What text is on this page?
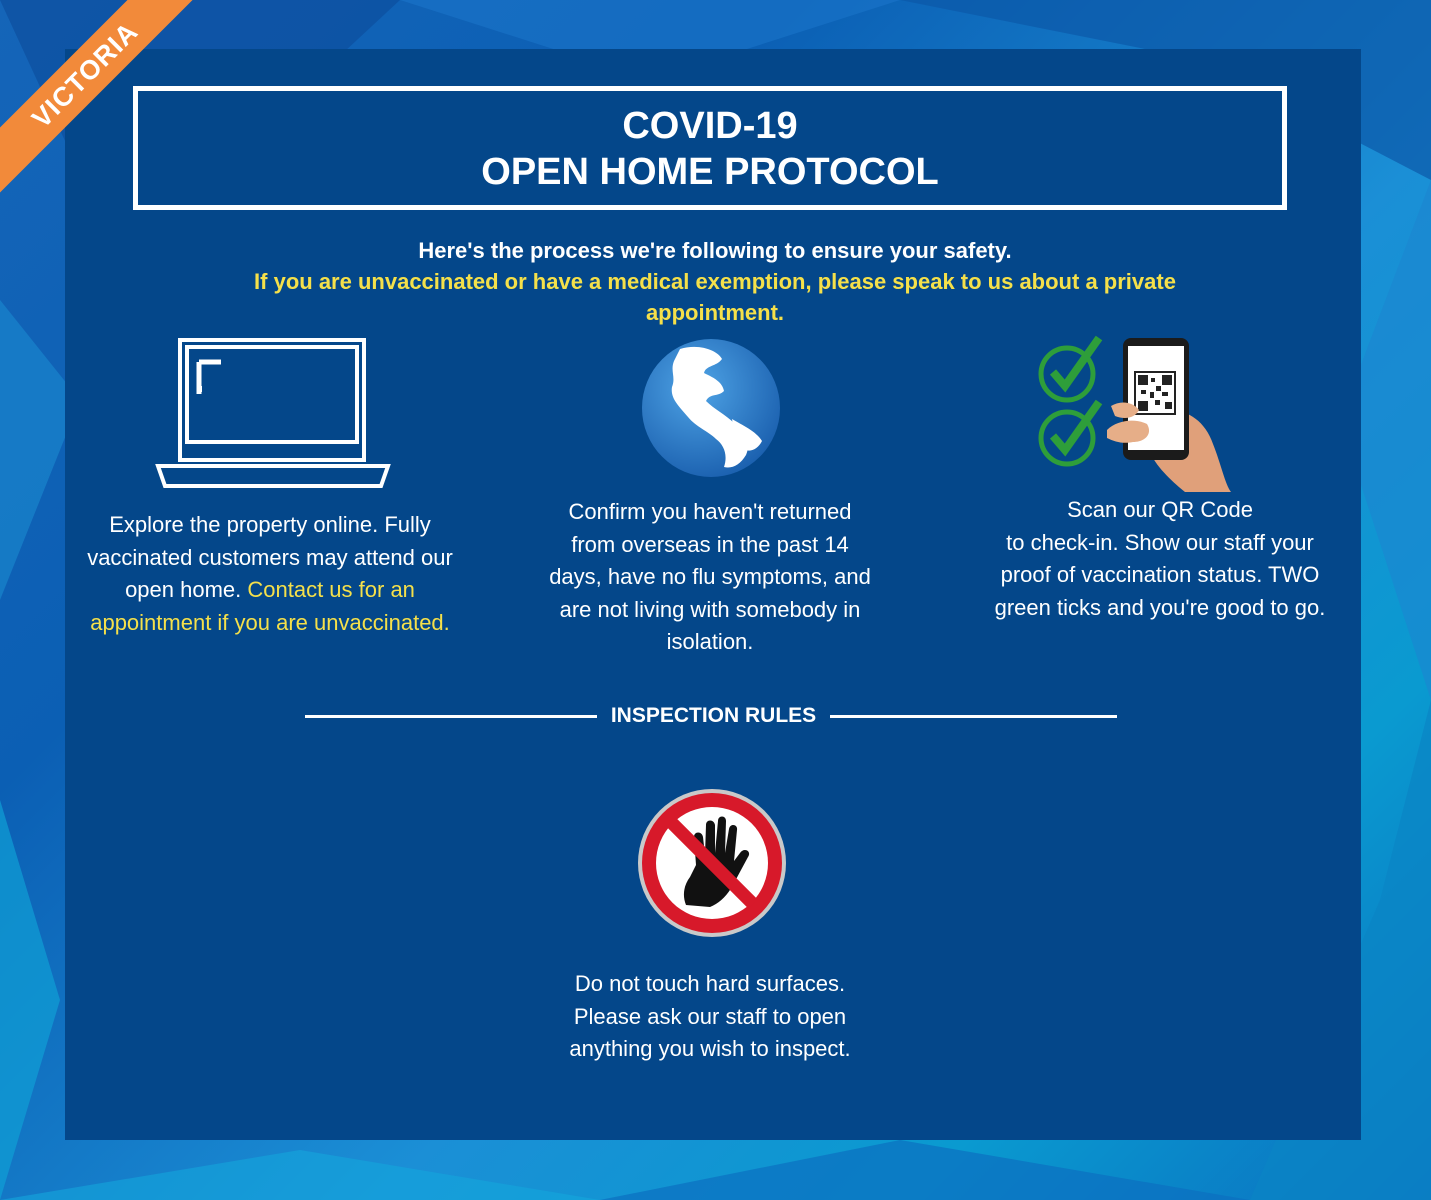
VICTORIA	COVID-19
OPEN HOME PROTOCOL
Here's the process we're following to ensure your safety.
If you are unvaccinated or have a medical exemption, please speak to us about a private appointment.
Explore the property online. Fully vaccinated customers may attend our open home. Contact us for an appointment if you are unvaccinated.
Confirm you haven't returned from overseas in the past 14 days, have no flu symptoms, and are not living with somebody in isolation.
Scan our QR Code
to check-in. Show our staff your proof of vaccination status. TWO green ticks and you're good to go.
INSPECTION RULES
Do not touch hard surfaces. Please ask our staff to open anything you wish to inspect.
